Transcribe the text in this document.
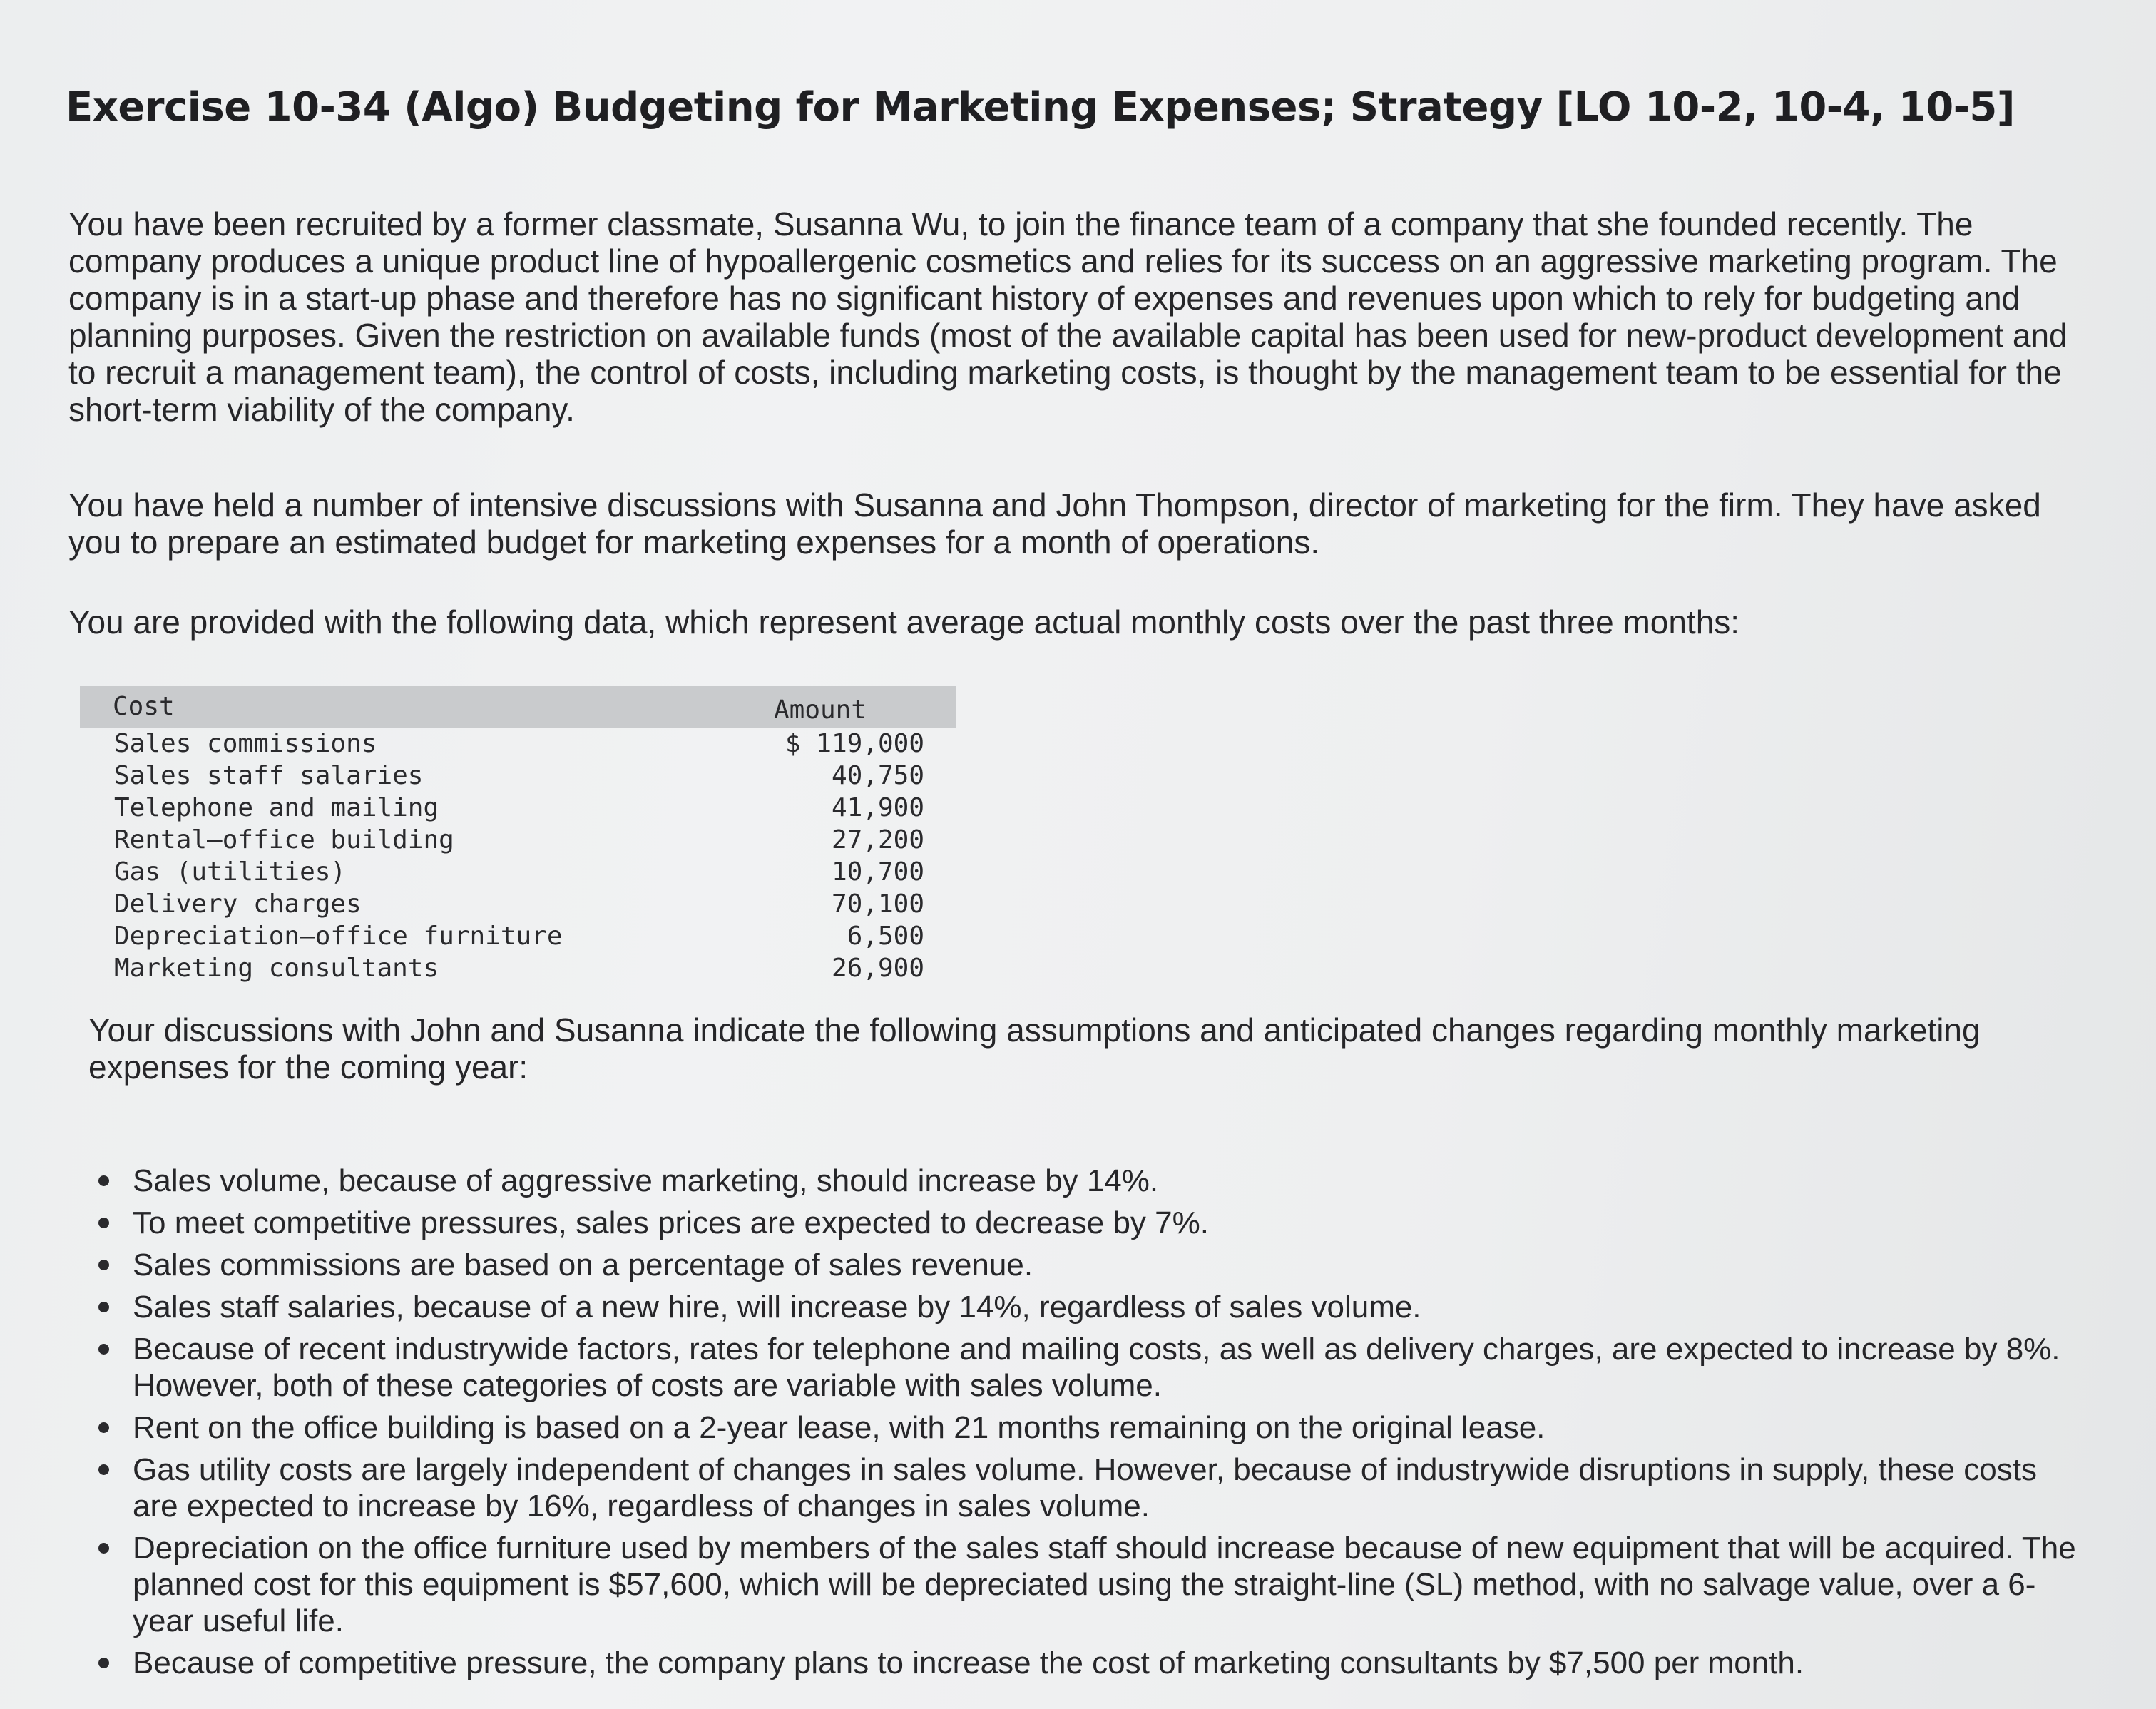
Exercise 10-34 (Algo) Budgeting for Marketing Expenses; Strategy [LO 10-2, 10-4, 10-5]

You have been recruited by a former classmate, Susanna Wu, to join the finance team of a company that she founded recently. The company produces a unique product line of hypoallergenic cosmetics and relies for its success on an aggressive marketing program. The company is in a start-up phase and therefore has no significant history of expenses and revenues upon which to rely for budgeting and planning purposes. Given the restriction on available funds (most of the available capital has been used for new-product development and to recruit a management team), the control of costs, including marketing costs, is thought by the management team to be essential for the short-term viability of the company.

You have held a number of intensive discussions with Susanna and John Thompson, director of marketing for the firm. They have asked you to prepare an estimated budget for marketing expenses for a month of operations.

You are provided with the following data, which represent average actual monthly costs over the past three months:

Cost	Amount
Sales commissions	$ 119,000
Sales staff salaries	40,750
Telephone and mailing	41,900
Rental—office building	27,200
Gas (utilities)	10,700
Delivery charges	70,100
Depreciation—office furniture	6,500
Marketing consultants	26,900

Your discussions with John and Susanna indicate the following assumptions and anticipated changes regarding monthly marketing expenses for the coming year:

Sales volume, because of aggressive marketing, should increase by 14%.
To meet competitive pressures, sales prices are expected to decrease by 7%.
Sales commissions are based on a percentage of sales revenue.
Sales staff salaries, because of a new hire, will increase by 14%, regardless of sales volume.
Because of recent industrywide factors, rates for telephone and mailing costs, as well as delivery charges, are expected to increase by 8%. However, both of these categories of costs are variable with sales volume.
Rent on the office building is based on a 2-year lease, with 21 months remaining on the original lease.
Gas utility costs are largely independent of changes in sales volume. However, because of industrywide disruptions in supply, these costs are expected to increase by 16%, regardless of changes in sales volume.
Depreciation on the office furniture used by members of the sales staff should increase because of new equipment that will be acquired. The planned cost for this equipment is $57,600, which will be depreciated using the straight-line (SL) method, with no salvage value, over a 6-year useful life.
Because of competitive pressure, the company plans to increase the cost of marketing consultants by $7,500 per month.
